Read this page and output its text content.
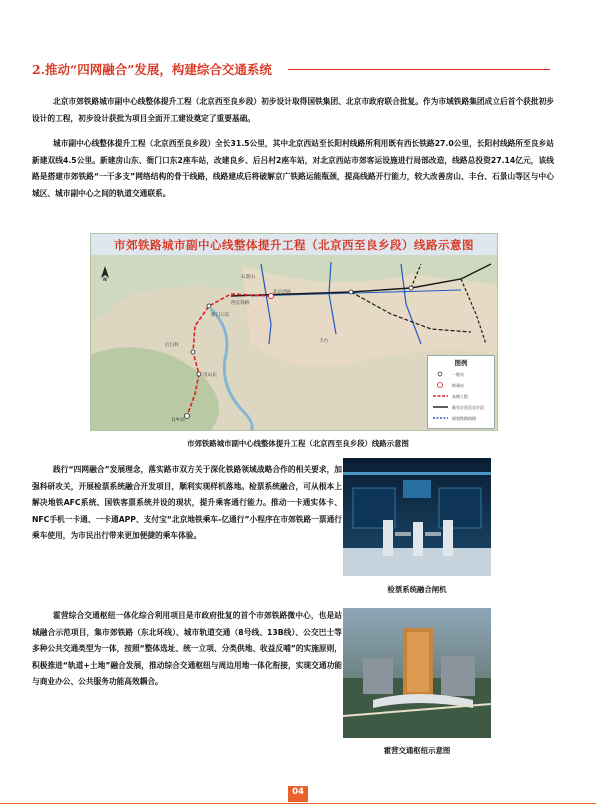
2.推动“四网融合”发展，构建综合交通系统
北京市郊铁路城市副中心线整体提升工程（北京西至良乡段）初步设计取得国铁集团、北京市政府联合批复。作为市域铁路集团成立后首个获批初步设计的工程，初步设计获批为项目全面开工建设奠定了重要基础。
城市副中心线整体提升工程（北京西至良乡段）全长31.5公里，其中北京西站至长阳村线路所利用既有西长铁路27.0公里，长阳村线路所至良乡站新建双线4.5公里。新建房山东、衙门口东2座车站，改建良乡、后吕村2座车站，对北京西站市郊客运设施进行局部改造，线路总投资27.14亿元，该线路是搭建市郊铁路“一干多支”网络结构的骨干线路，线路建成后将破解京广铁路运能瓶颈，提高线路开行能力，较大改善房山、丰台、石景山等区与中心城区、城市副中心之间的轨道交通联系。
市郊铁路城市副中心线整体提升工程（北京西至良乡段）线路示意图
N
北京西站
西长铁路
良乡站
后吕村
房山东
衙门口东
丰台
石景山
图例
一般站
换乘站
本期工程
既有京西至良乡段
规划铁路线路
市郊铁路城市副中心线整体提升工程（北京西至良乡段）线路示意图
践行“四网融合”发展理念，落实路市双方关于深化铁路领域战略合作的相关要求，加强科研攻关，开展检票系统融合开发项目，顺利实现样机落地。检票系统融合，可从根本上解决地铁AFC系统、国铁客票系统并设的现状，提升乘客通行能力。推动一卡通实体卡、NFC手机一卡通、一卡通APP、支付宝“北京地铁乘车-亿通行”小程序在市郊铁路一票通行乘车使用，为市民出行带来更加便捷的乘车体验。
霍营综合交通枢纽一体化综合利用项目是市政府批复的首个市郊铁路微中心，也是站城融合示范项目，集市郊铁路（东北环线）、城市轨道交通（8号线、13B线）、公交巴士等多种公共交通类型为一体，按照“整体选址、统一立项、分类供地、收益反哺”的实施原则，积极推进“轨道+土地”融合发展，推动综合交通枢纽与周边用地一体化衔接，实现交通功能与商业办公、公共服务功能高效耦合。
检票系统融合闸机
霍营交通枢纽示意图
04
